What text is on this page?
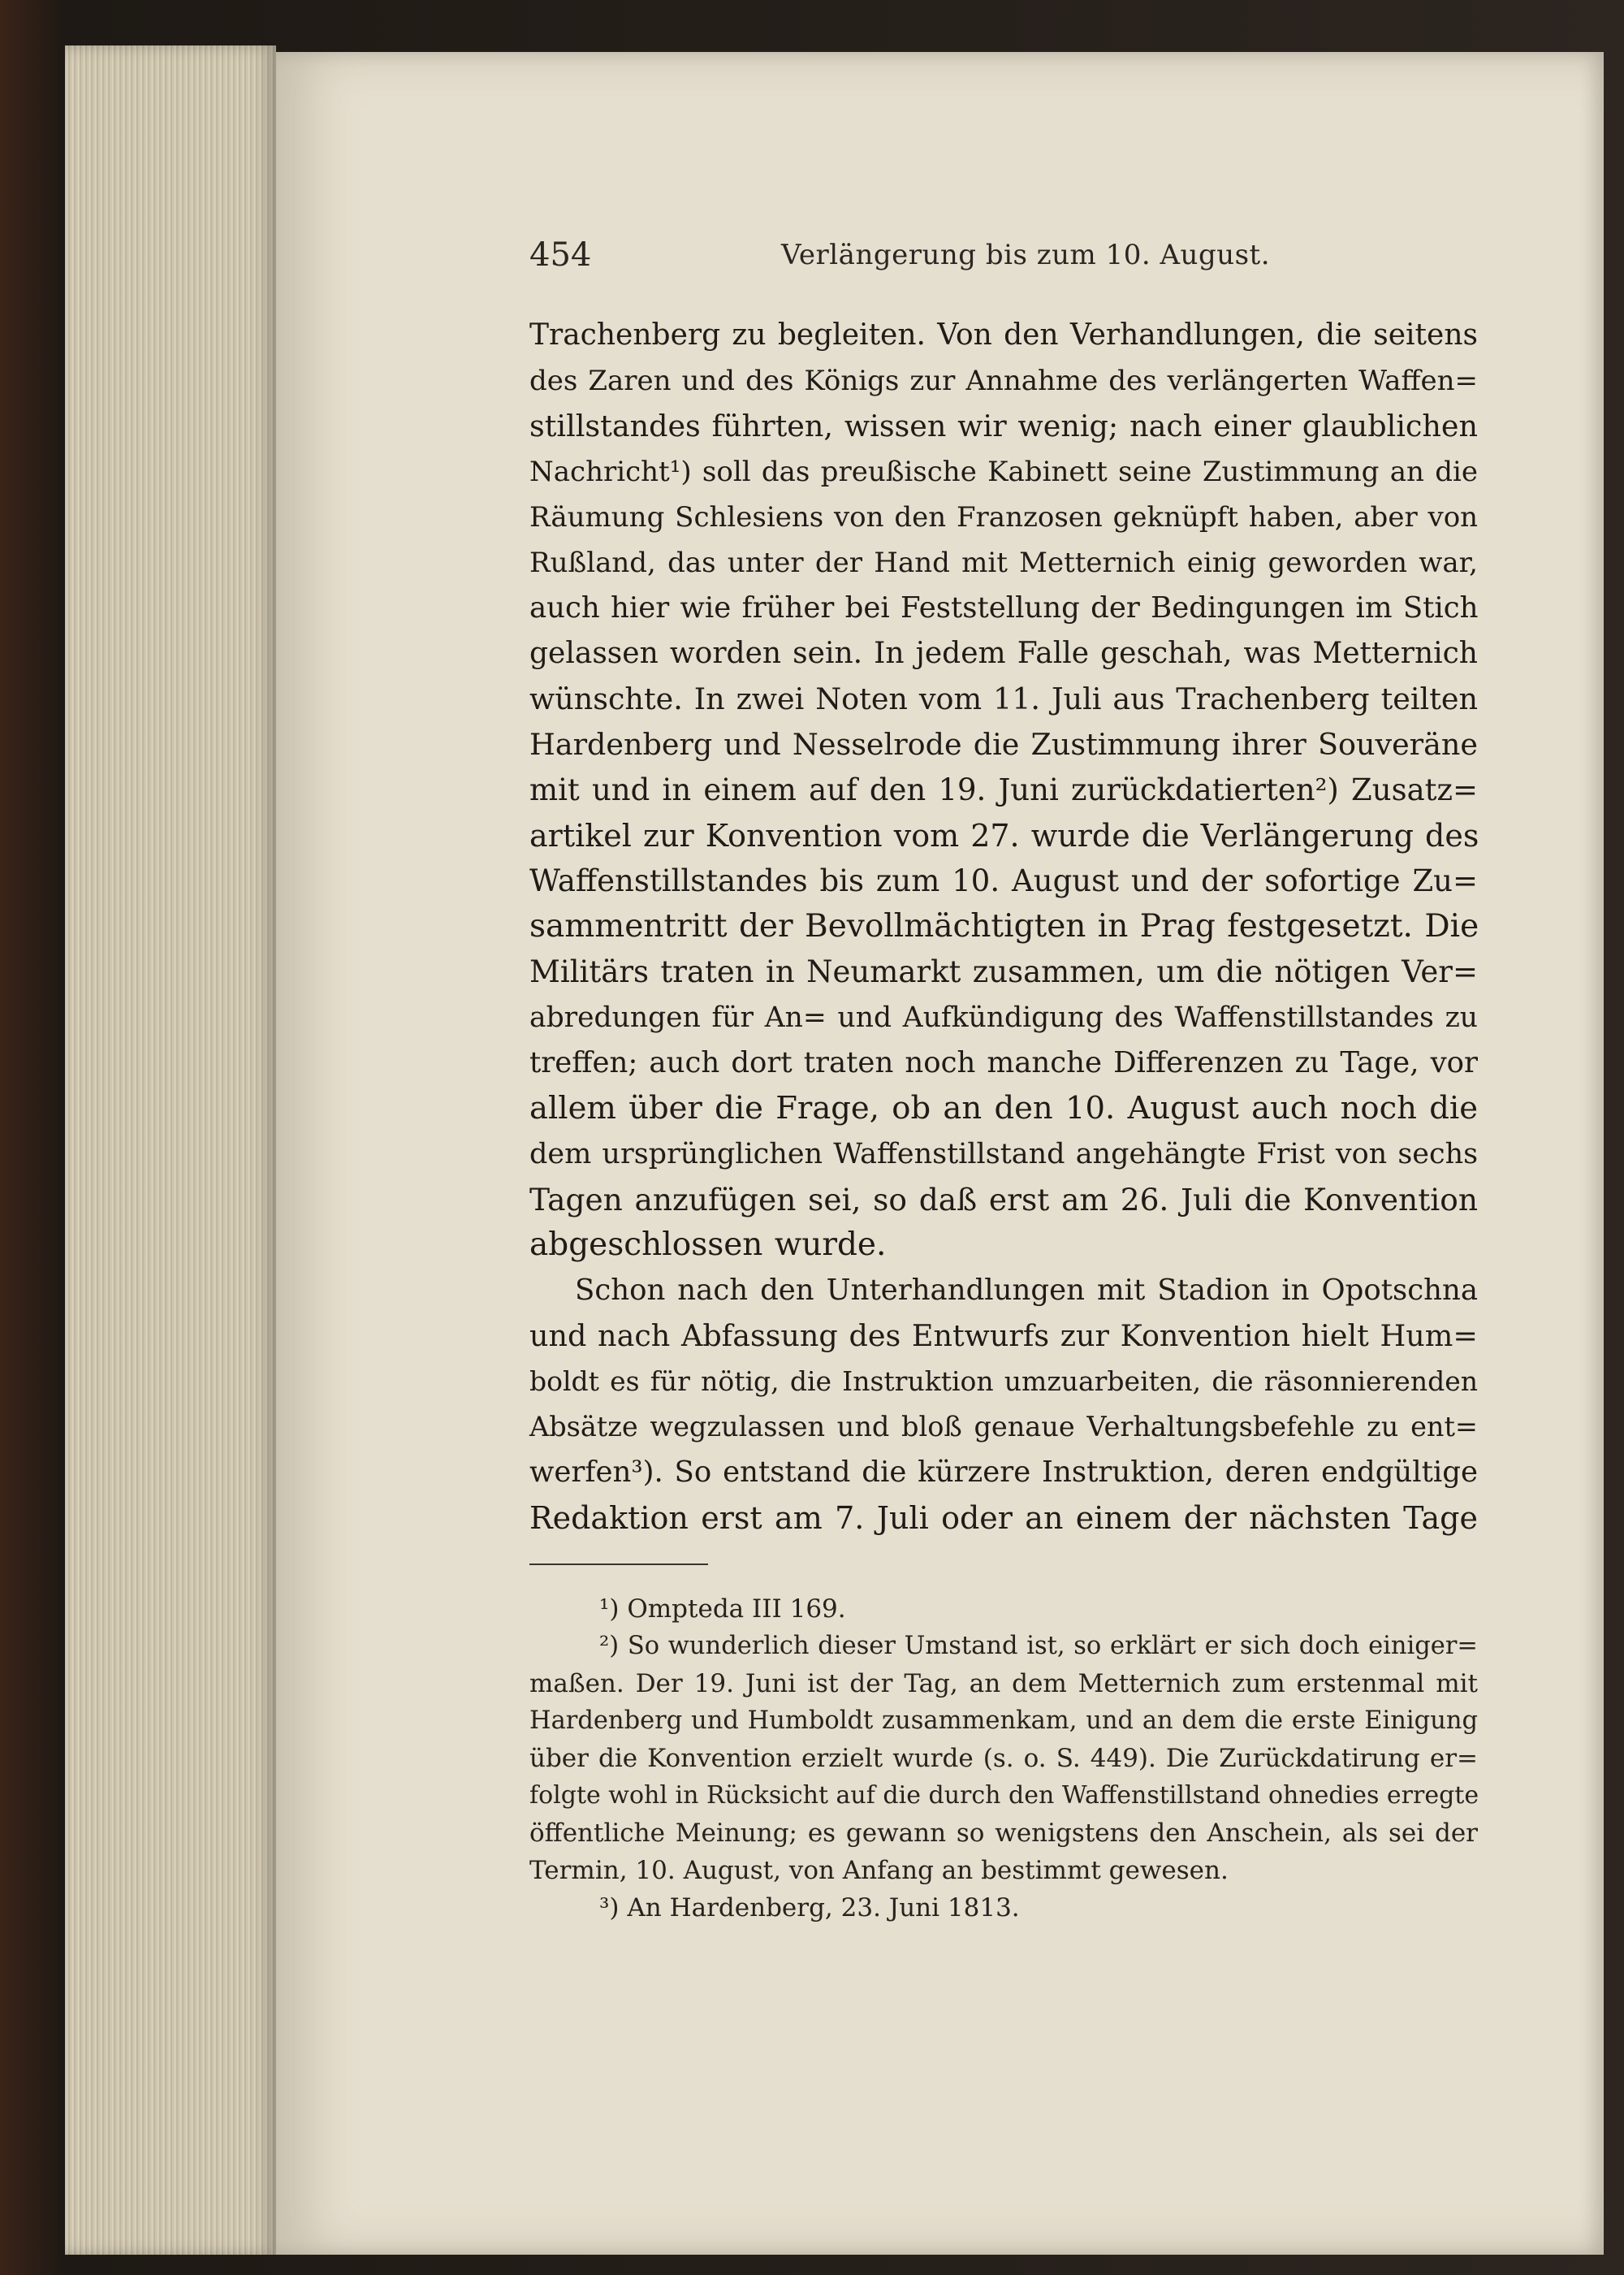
454	Verlängerung bis zum 10. August.
Trachenberg zu begleiten. Von den Verhandlungen, die seitens
des Zaren und des Königs zur Annahme des verlängerten Waffen=
stillstandes führten, wissen wir wenig; nach einer glaublichen
Nachricht¹) soll das preußische Kabinett seine Zustimmung an die
Räumung Schlesiens von den Franzosen geknüpft haben, aber von
Rußland, das unter der Hand mit Metternich einig geworden war,
auch hier wie früher bei Feststellung der Bedingungen im Stich
gelassen worden sein. In jedem Falle geschah, was Metternich
wünschte. In zwei Noten vom 11. Juli aus Trachenberg teilten
Hardenberg und Nesselrode die Zustimmung ihrer Souveräne
mit und in einem auf den 19. Juni zurückdatierten²) Zusatz=
artikel zur Konvention vom 27. wurde die Verlängerung des
Waffenstillstandes bis zum 10. August und der sofortige Zu=
sammentritt der Bevollmächtigten in Prag festgesetzt. Die
Militärs traten in Neumarkt zusammen, um die nötigen Ver=
abredungen für An= und Aufkündigung des Waffenstillstandes zu
treffen; auch dort traten noch manche Differenzen zu Tage, vor
allem über die Frage, ob an den 10. August auch noch die
dem ursprünglichen Waffenstillstand angehängte Frist von sechs
Tagen anzufügen sei, so daß erst am 26. Juli die Konvention
abgeschlossen wurde.
Schon nach den Unterhandlungen mit Stadion in Opotschna
und nach Abfassung des Entwurfs zur Konvention hielt Hum=
boldt es für nötig, die Instruktion umzuarbeiten, die räsonnierenden
Absätze wegzulassen und bloß genaue Verhaltungsbefehle zu ent=
werfen³). So entstand die kürzere Instruktion, deren endgültige
Redaktion erst am 7. Juli oder an einem der nächsten Tage
¹) Ompteda III 169.
²) So wunderlich dieser Umstand ist, so erklärt er sich doch einiger=
maßen. Der 19. Juni ist der Tag, an dem Metternich zum erstenmal mit
Hardenberg und Humboldt zusammenkam, und an dem die erste Einigung
über die Konvention erzielt wurde (s. o. S. 449). Die Zurückdatirung er=
folgte wohl in Rücksicht auf die durch den Waffenstillstand ohnedies erregte
öffentliche Meinung; es gewann so wenigstens den Anschein, als sei der
Termin, 10. August, von Anfang an bestimmt gewesen.
³) An Hardenberg, 23. Juni 1813.
